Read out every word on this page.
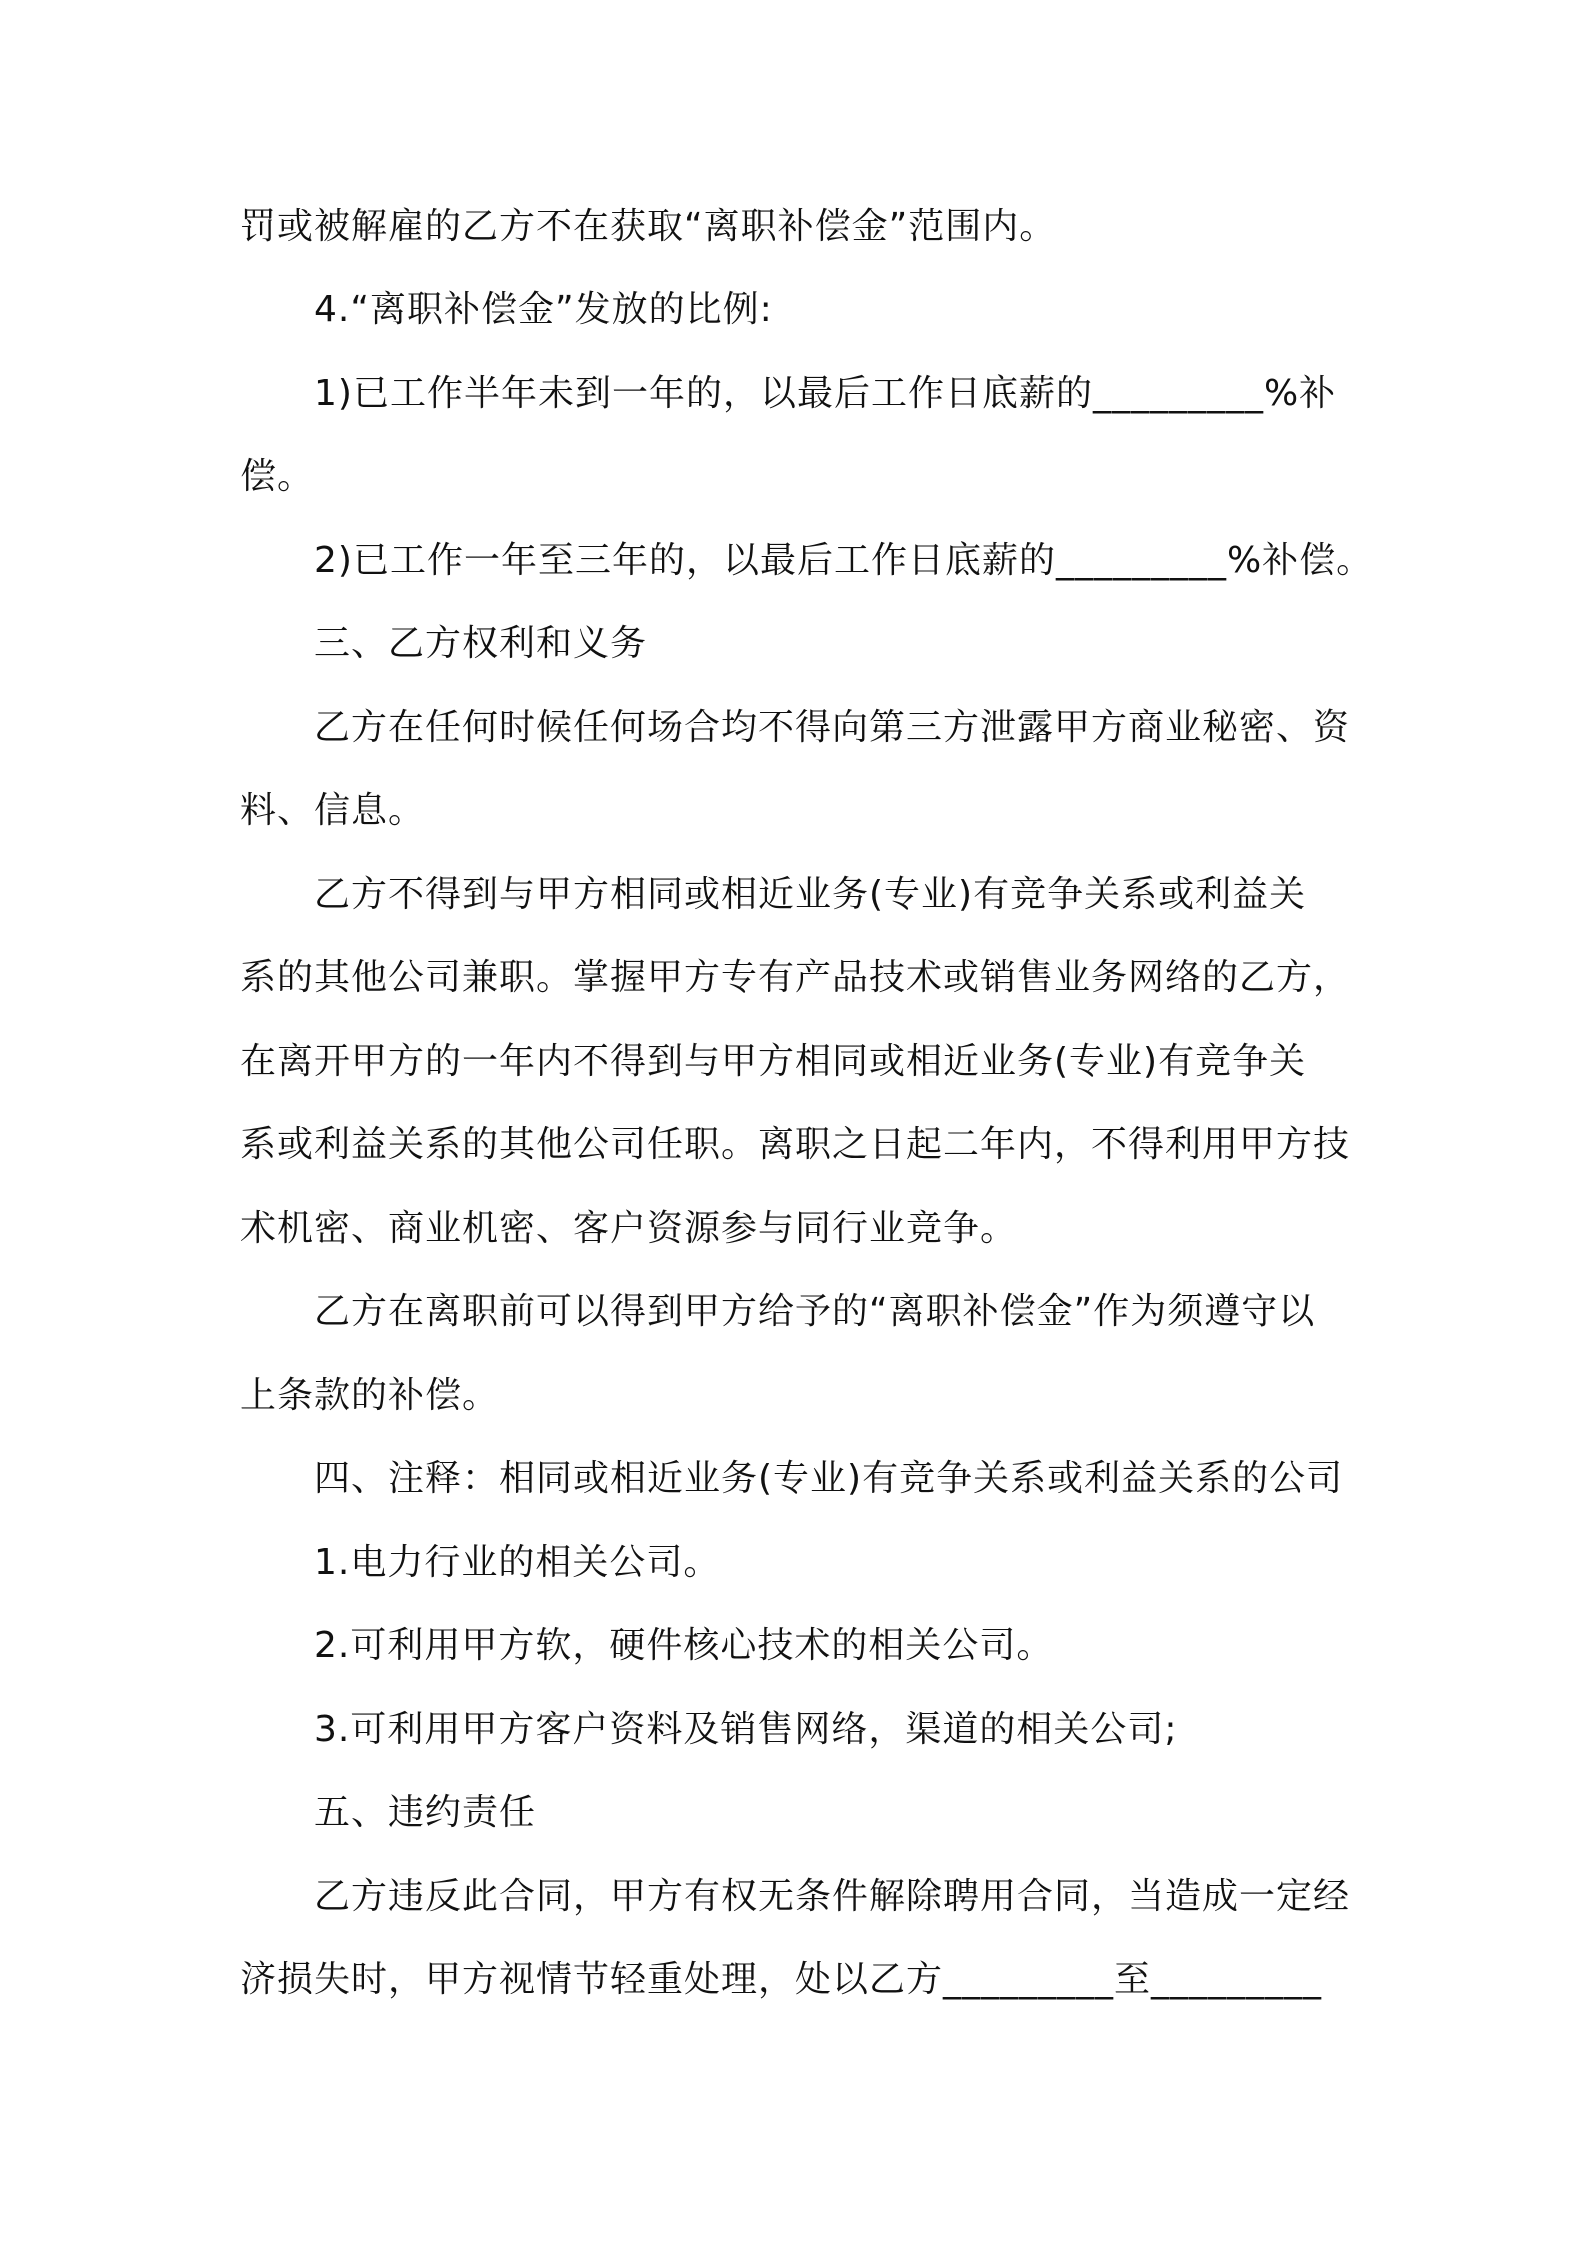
罚或被解雇的乙方不在获取“离职补偿金”范围内。
4.“离职补偿金”发放的比例:
1)已工作半年未到一年的，以最后工作日底薪的_________%补
偿。
2)已工作一年至三年的，以最后工作日底薪的_________%补偿。
三、乙方权利和义务
乙方在任何时候任何场合均不得向第三方泄露甲方商业秘密、资
料、信息。
乙方不得到与甲方相同或相近业务(专业)有竞争关系或利益关
系的其他公司兼职。掌握甲方专有产品技术或销售业务网络的乙方，
在离开甲方的一年内不得到与甲方相同或相近业务(专业)有竞争关
系或利益关系的其他公司任职。离职之日起二年内，不得利用甲方技
术机密、商业机密、客户资源参与同行业竞争。
乙方在离职前可以得到甲方给予的“离职补偿金”作为须遵守以
上条款的补偿。
四、注释：相同或相近业务(专业)有竞争关系或利益关系的公司
1.电力行业的相关公司。
2.可利用甲方软，硬件核心技术的相关公司。
3.可利用甲方客户资料及销售网络，渠道的相关公司;
五、违约责任
乙方违反此合同，甲方有权无条件解除聘用合同，当造成一定经
济损失时，甲方视情节轻重处理，处以乙方_________至_________
